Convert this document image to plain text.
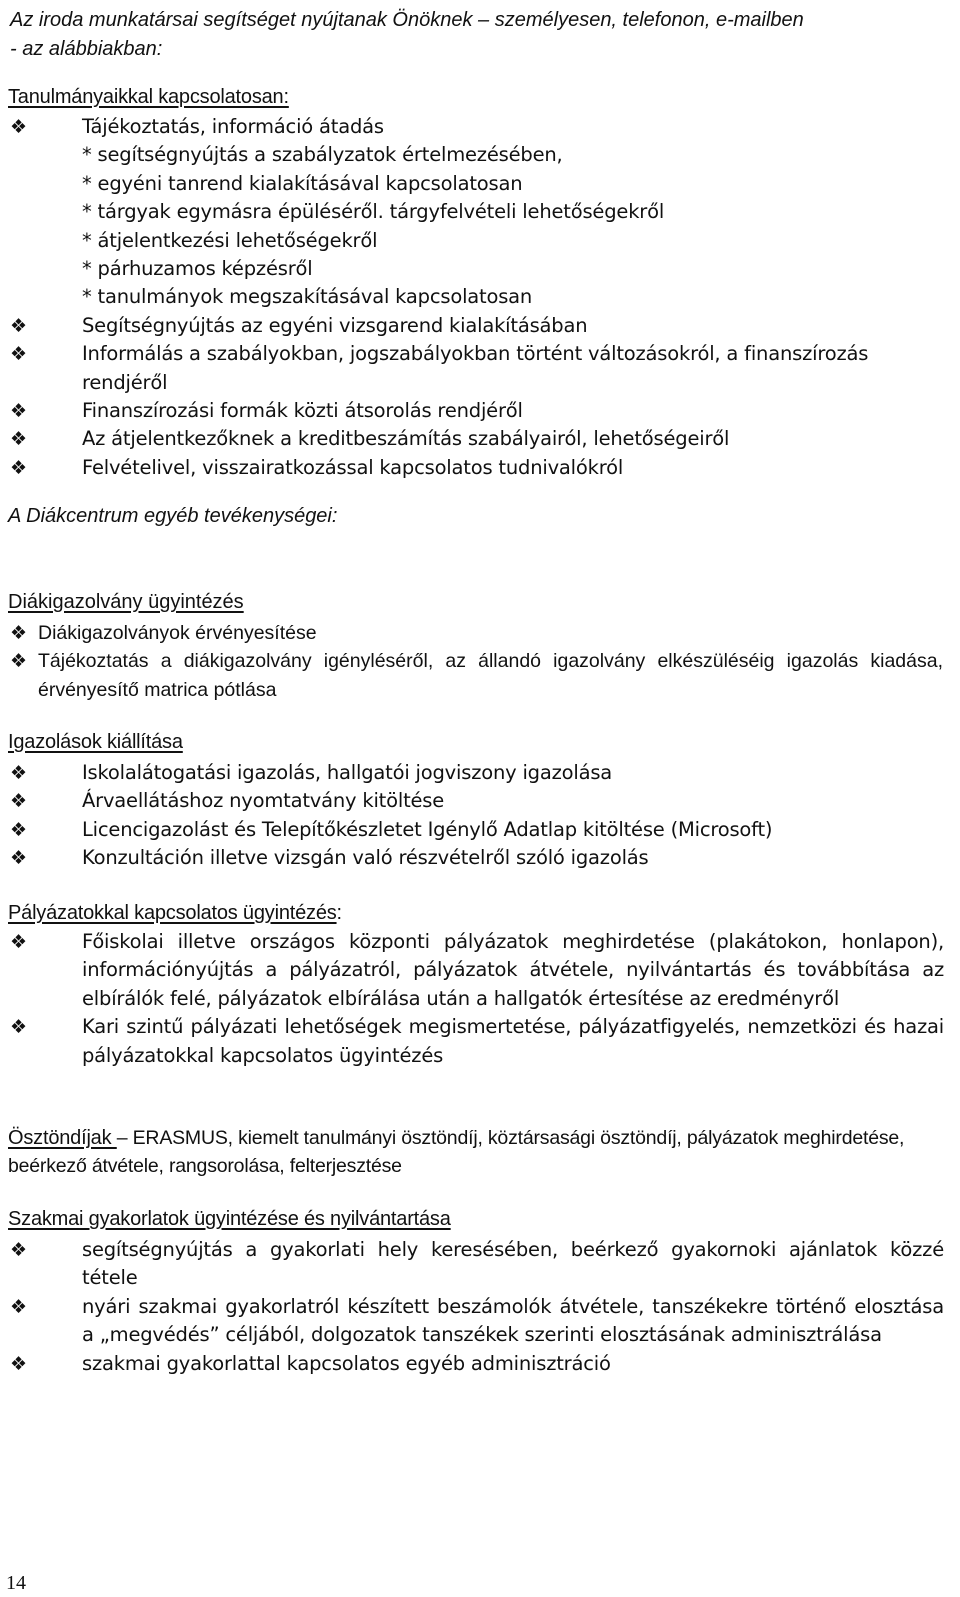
Az iroda munkatársai segítséget nyújtanak Önöknek – személyesen, telefonon, e-mailben
- az alábbiakban:
Tanulmányaikkal kapcsolatosan:
❖	Tájékoztatás, információ átadás
* segítségnyújtás a szabályzatok értelmezésében,
* egyéni tanrend kialakításával kapcsolatosan
* tárgyak egymásra épüléséről. tárgyfelvételi lehetőségekről
* átjelentkezési lehetőségekről
* párhuzamos képzésről
* tanulmányok megszakításával kapcsolatosan
❖	Segítségnyújtás az egyéni vizsgarend kialakításában
❖	Informálás a szabályokban, jogszabályokban történt változásokról, a finanszírozás rendjéről
❖	Finanszírozási formák közti átsorolás rendjéről
❖	Az átjelentkezőknek a kreditbeszámítás szabályairól, lehetőségeiről
❖	Felvételivel, visszairatkozással kapcsolatos tudnivalókról
A Diákcentrum egyéb tevékenységei:
Diákigazolvány ügyintézés
❖ Diákigazolványok érvényesítése
❖ Tájékoztatás a diákigazolvány igényléséről, az állandó igazolvány elkészüléséig igazolás kiadása, érvényesítő matrica pótlása
Igazolások kiállítása
❖	Iskolalátogatási igazolás, hallgatói jogviszony igazolása
❖	Árvaellátáshoz nyomtatvány kitöltése
❖	Licencigazolást és Telepítőkészletet Igénylő Adatlap kitöltése (Microsoft)
❖	Konzultáción illetve vizsgán való részvételről szóló igazolás
Pályázatokkal kapcsolatos ügyintézés:
❖	Főiskolai illetve országos központi pályázatok meghirdetése (plakátokon, honlapon), információnyújtás a pályázatról, pályázatok átvétele, nyilvántartás és továbbítása az elbírálók felé, pályázatok elbírálása után a hallgatók értesítése az eredményről
❖	Kari szintű pályázati lehetőségek megismertetése, pályázatfigyelés, nemzetközi és hazai pályázatokkal kapcsolatos ügyintézés
Ösztöndíjak – ERASMUS, kiemelt tanulmányi ösztöndíj, köztársasági ösztöndíj, pályázatok meghirdetése, beérkező átvétele, rangsorolása, felterjesztése
Szakmai gyakorlatok ügyintézése és nyilvántartása
❖	segítségnyújtás a gyakorlati hely keresésében, beérkező gyakornoki ajánlatok közzé tétele
❖	nyári szakmai gyakorlatról készített beszámolók átvétele, tanszékekre történő elosztása a „megvédés” céljából, dolgozatok tanszékek szerinti elosztásának adminisztrálása
❖	szakmai gyakorlattal kapcsolatos egyéb adminisztráció
14
